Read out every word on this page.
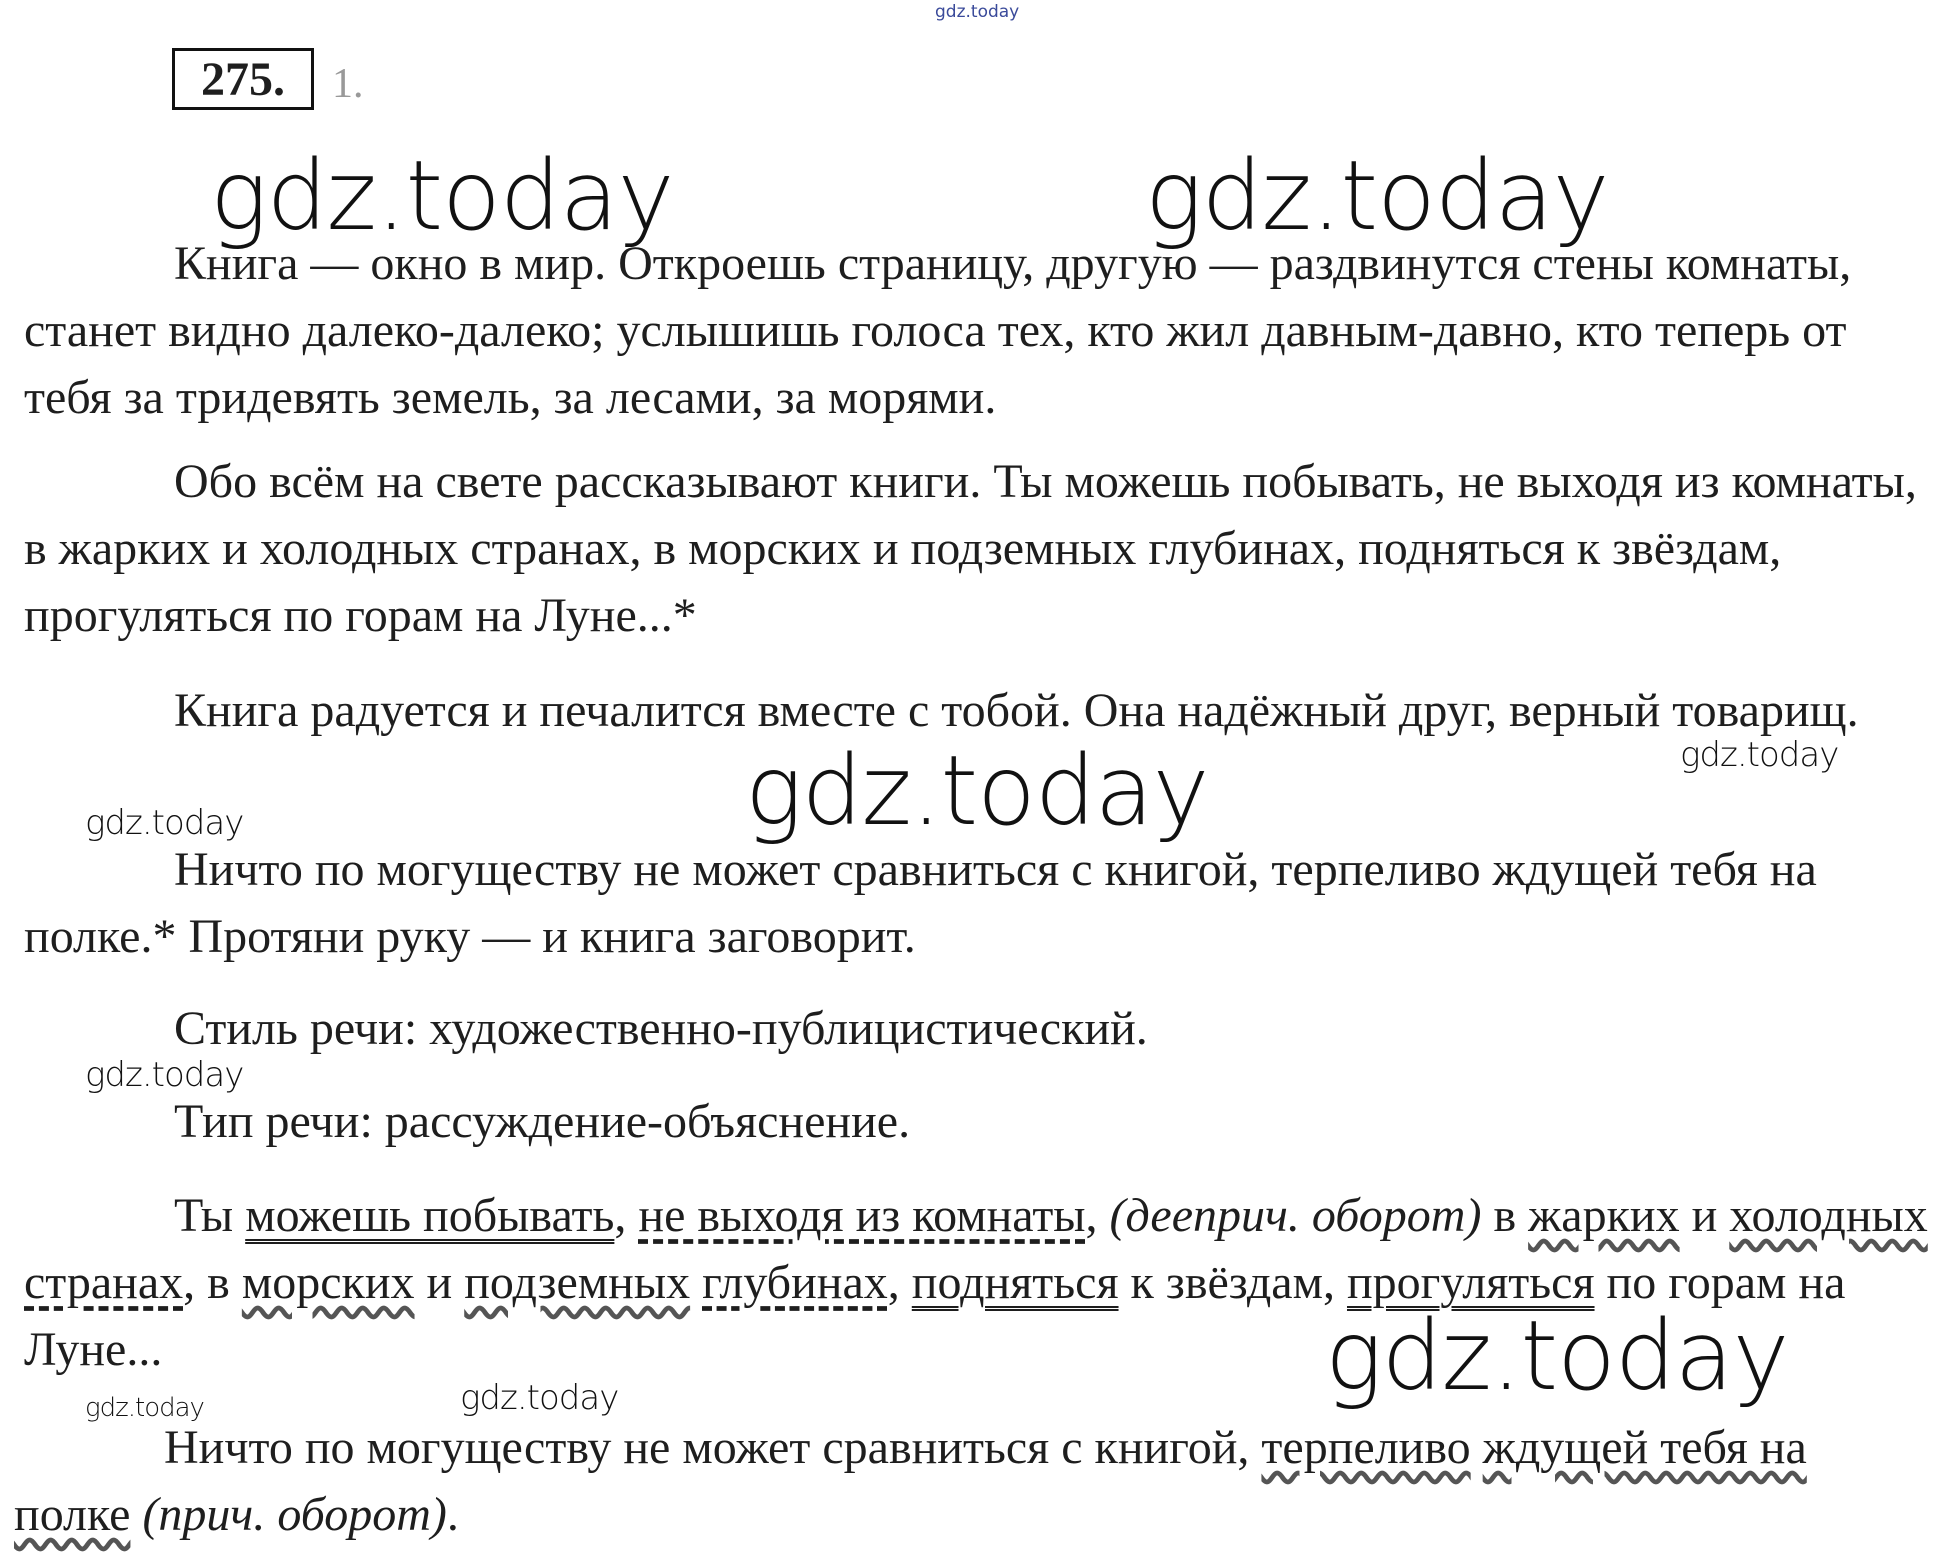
gdz.today
275.	1.

Книга — окно в мир. Откроешь страницу, другую — раздвинутся стены комнаты, станет видно далеко-далеко; услышишь голоса тех, кто жил давным-давно, кто теперь от тебя за тридевять земель, за лесами, за морями.

Обо всём на свете рассказывают книги. Ты можешь побывать, не выходя из комнаты, в жарких и холодных странах, в морских и подземных глубинах, подняться к звёздам, прогуляться по горам на Луне...*

Книга радуется и печалится вместе с тобой. Она надёжный друг, верный товарищ.

Ничто по могуществу не может сравниться с книгой, терпеливо ждущей тебя на полке.* Протяни руку — и книга заговорит.

Стиль речи: художественно-публицистический.

Тип речи: рассуждение-объяснение.

Ты можешь побывать, не выходя из комнаты, (дееприч. оборот) в жарких и холодных странах, в морских и подземных глубинах, подняться к звёздам, прогуляться по горам на Луне...

Ничто по могуществу не может сравниться с книгой, терпеливо ждущей тебя на полке (прич. оборот).

gdz.today	gdz.today
gdz.today
gdz.today
gdz.today
gdz.today
gdz.today
gdz.today	gdz.today
